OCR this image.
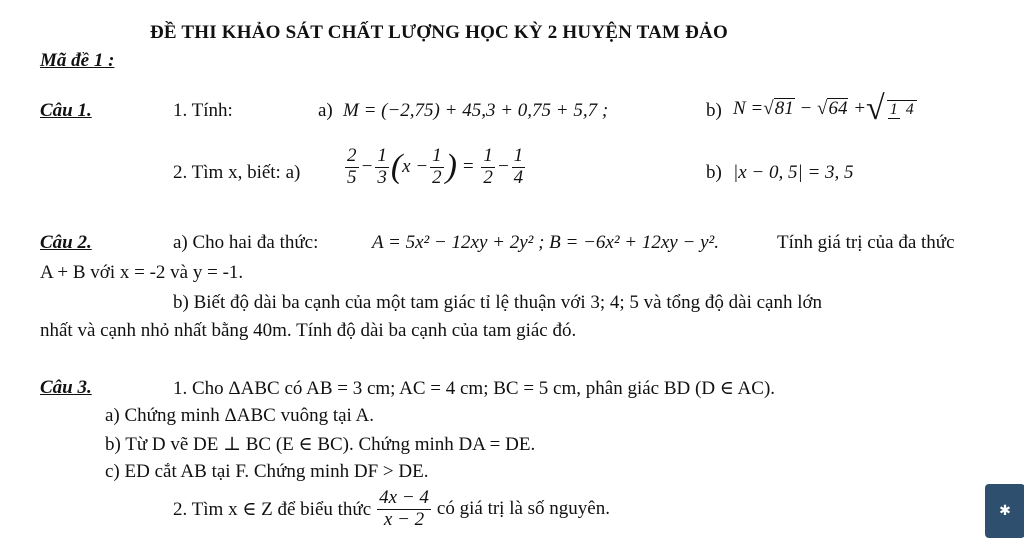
ĐỀ THI KHẢO SÁT CHẤT LƯỢNG HỌC KỲ 2 HUYỆN TAM ĐẢO
Mã đề 1 :
Câu 1.	1. Tính:	a) M = (−2,75) + 45,3 + 0,75 + 5,7 ;	b) N = √ 81 − √ 64 + √ 1 4
2. Tìm x, biết: $a) \frac{2}{5} - \frac{1}{3}$ ( $x - \frac{1}{2}$ ) = $\frac{1}{2} - \frac{1}{4}$	b) |x − 0, 5| = 3, 5
Câu 2.	a) Cho hai đa thức:	A = 5x² − 12xy + 2y² ; B = −6x² + 12xy − y².	Tính giá trị của đa thức
A + B với x = -2 và y = -1.
b) Biết độ dài ba cạnh của một tam giác tỉ lệ thuận với 3; 4; 5 và tổng độ dài cạnh lớn
nhất và cạnh nhỏ nhất bằng 40m. Tính độ dài ba cạnh của tam giác đó.
Câu 3.	1. Cho ΔABC có AB = 3 cm; AC = 4 cm; BC = 5 cm, phân giác BD (D ∈ AC).
a) Chứng minh ΔABC vuông tại A.
b) Từ D vẽ DE ⊥ BC (E ∈ BC). Chứng minh DA = DE.
c) ED cắt AB tại F. Chứng minh DF > DE.
2. Tìm x ∈ Z để biểu thức $\frac{4x - 4}{x - 2}$ có giá trị là số nguyên.	✱
